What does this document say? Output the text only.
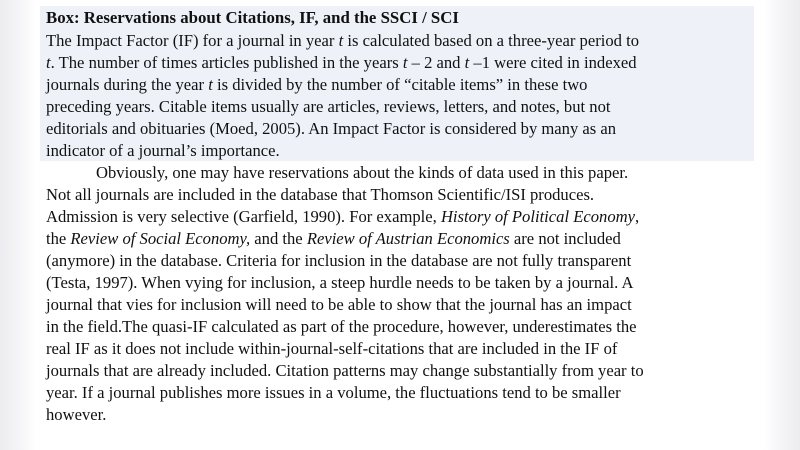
Box: Reservations about Citations, IF, and the SSCI / SCI

The Impact Factor (IF) for a journal in year t is calculated based on a three-year period to

t. The number of times articles published in the years t – 2 and t –1 were cited in indexed

journals during the year t is divided by the number of “citable items” in these two

preceding years. Citable items usually are articles, reviews, letters, and notes, but not

editorials and obituaries (Moed, 2005). An Impact Factor is considered by many as an

indicator of a journal’s importance.

Obviously, one may have reservations about the kinds of data used in this paper.

Not all journals are included in the database that Thomson Scientific/ISI produces.

Admission is very selective (Garfield, 1990). For example, History of Political Economy,

the Review of Social Economy, and the Review of Austrian Economics are not included

(anymore) in the database. Criteria for inclusion in the database are not fully transparent

(Testa, 1997). When vying for inclusion, a steep hurdle needs to be taken by a journal. A

journal that vies for inclusion will need to be able to show that the journal has an impact

in the field.The quasi-IF calculated as part of the procedure, however, underestimates the

real IF as it does not include within-journal-self-citations that are included in the IF of

journals that are already included. Citation patterns may change substantially from year to

year. If a journal publishes more issues in a volume, the fluctuations tend to be smaller

however.
